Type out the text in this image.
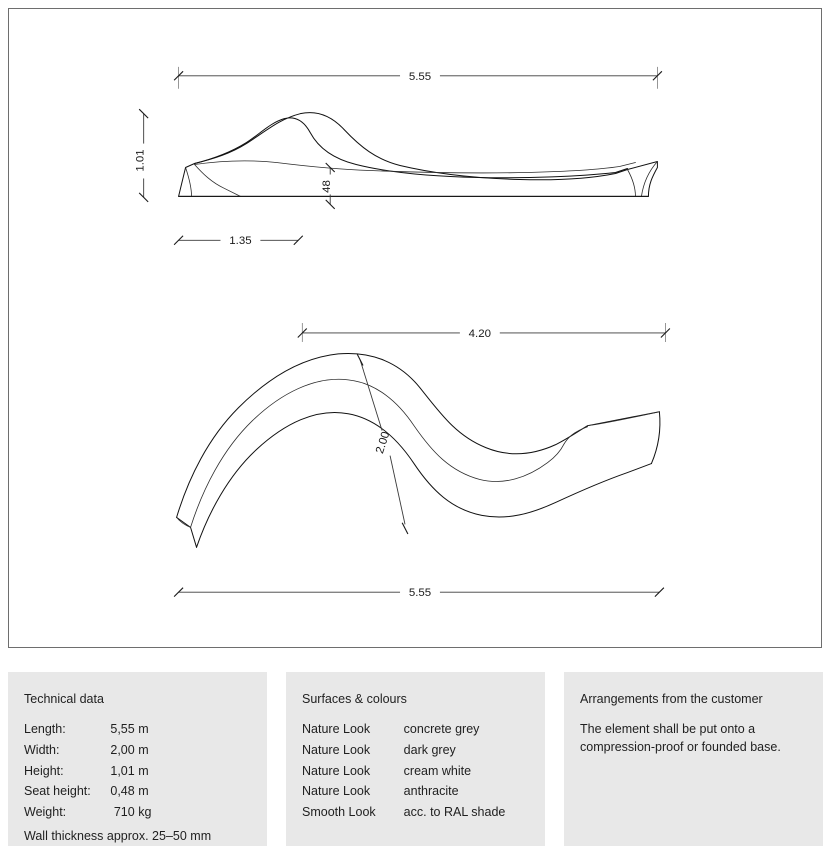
5.55
1.01
48
1.35
4.20
2.00
5.55
Technical data
Length:	5,55 m
Width:	2,00 m
Height:	1,01 m
Seat height:	0,48 m
Weight:	710 kg
Wall thickness approx. 25–50 mm
Surfaces & colours
Nature Look	concrete grey
Nature Look	dark grey
Nature Look	cream white
Nature Look	anthracite
Smooth Look	acc. to RAL shade
Arrangements from the customer

The element shall be put onto a compression-proof or founded base.
